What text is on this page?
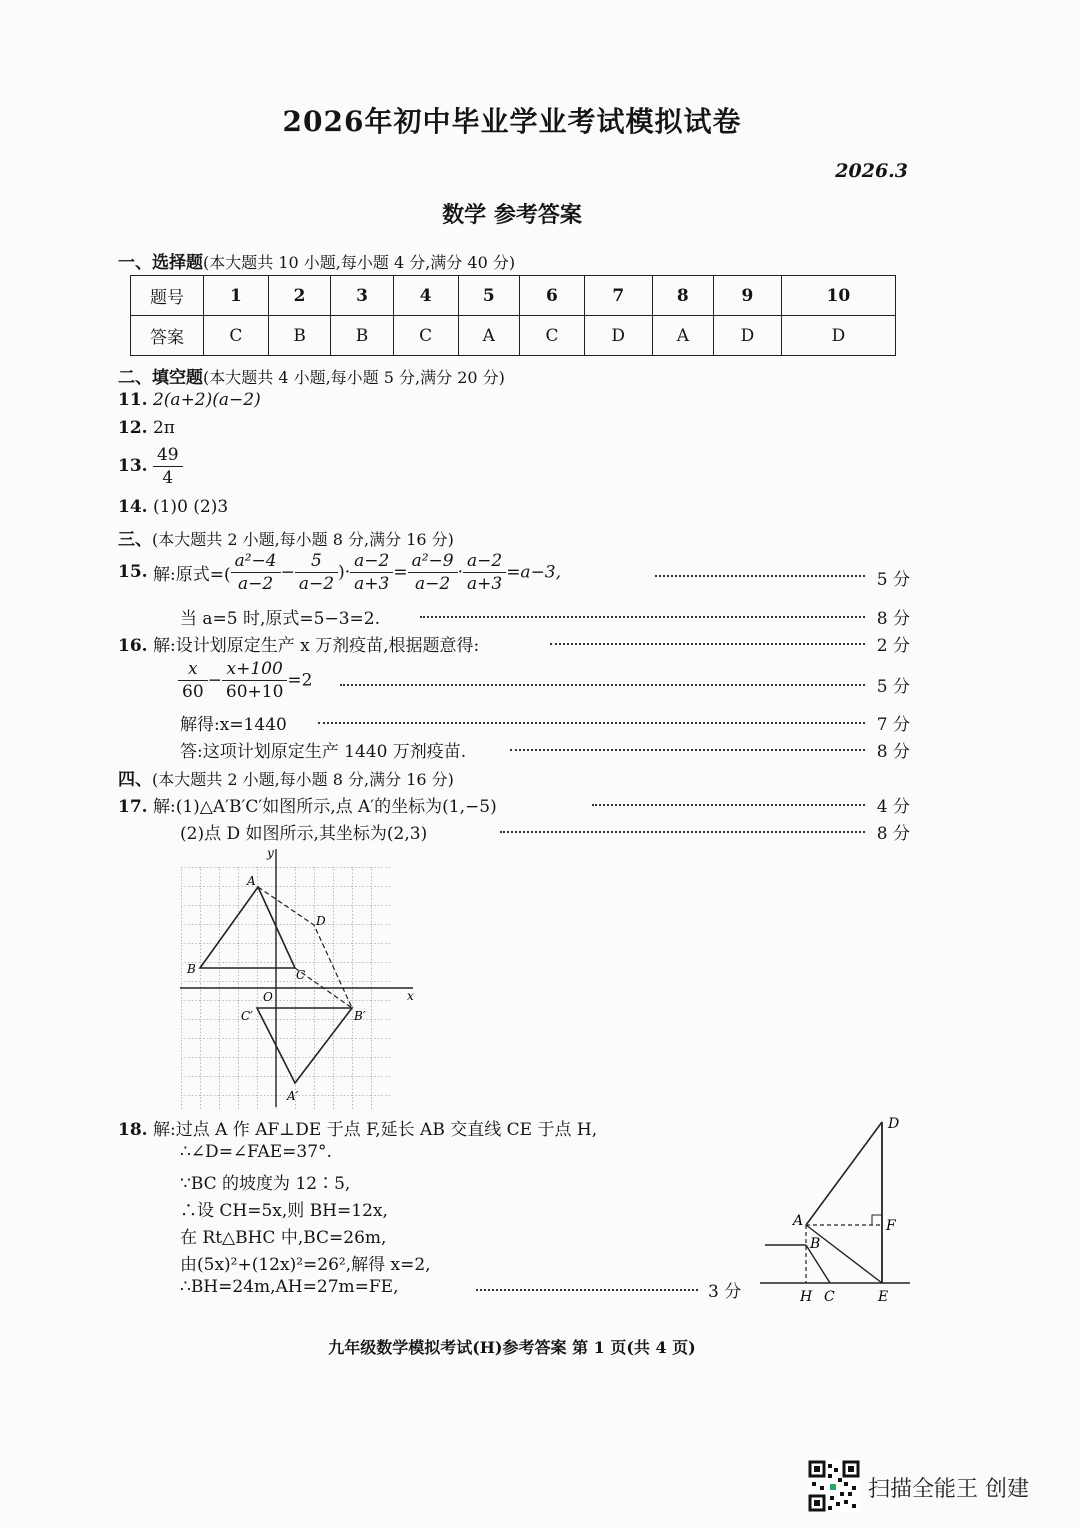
2026年初中毕业学业考试模拟试卷
2026.3
数学 参考答案
一、选择题(本大题共 10 小题,每小题 4 分,满分 40 分)
题号	1	2	3	4	5	6	7	8	9	10
答案	C	B	B	C	A	C	D	A	D	D
二、填空题(本大题共 4 小题,每小题 5 分,满分 20 分)
11. 2(a+2)(a−2)
12. 2π
13. $\frac{49}{4}$
14. (1)0 (2)3
三、(本大题共 2 小题,每小题 8 分,满分 16 分)
15. 解:原式=( $\frac{\text{a²−4}}{a-2} - \frac{5}{a-2}$ )· $\frac{a-2}{a+3} = \frac{\text{a²−9}}{a-2} \cdot \frac{a-2}{a+3} =a-3$,	5 分
当 a=5 时,原式=5−3=2.	8 分
16. 解:设计划原定生产 x 万剂疫苗,根据题意得:	2 分
$\frac{x}{60} - \frac{x+100}{60+10} =2$	5 分
解得:x=1440	7 分
答:这项计划原定生产 1440 万剂疫苗.	8 分
四、(本大题共 2 小题,每小题 8 分,满分 16 分)
17. 解:(1)△A′B′C′如图所示,点 A′的坐标为(1,−5)	4 分
(2)点 D 如图所示,其坐标为(2,3)	8 分
y
x
O
A
B	C
D
A′
B′
C′
18. 解:过点 A 作 AF⊥DE 于点 F,延长 AB 交直线 CE 于点 H,
∴∠D=∠FAE=37°.
∵BC 的坡度为 12∶5,
∴设 CH=5x,则 BH=12x,
在 Rt△BHC 中,BC=26m,
由(5x)²+(12x)²=26²,解得 x=2,
∴BH=24m,AH=27m=FE,	3 分
D
A
B
F
H C	E
九年级数学模拟考试(H)参考答案 第 1 页(共 4 页)
扫描全能王 创建
